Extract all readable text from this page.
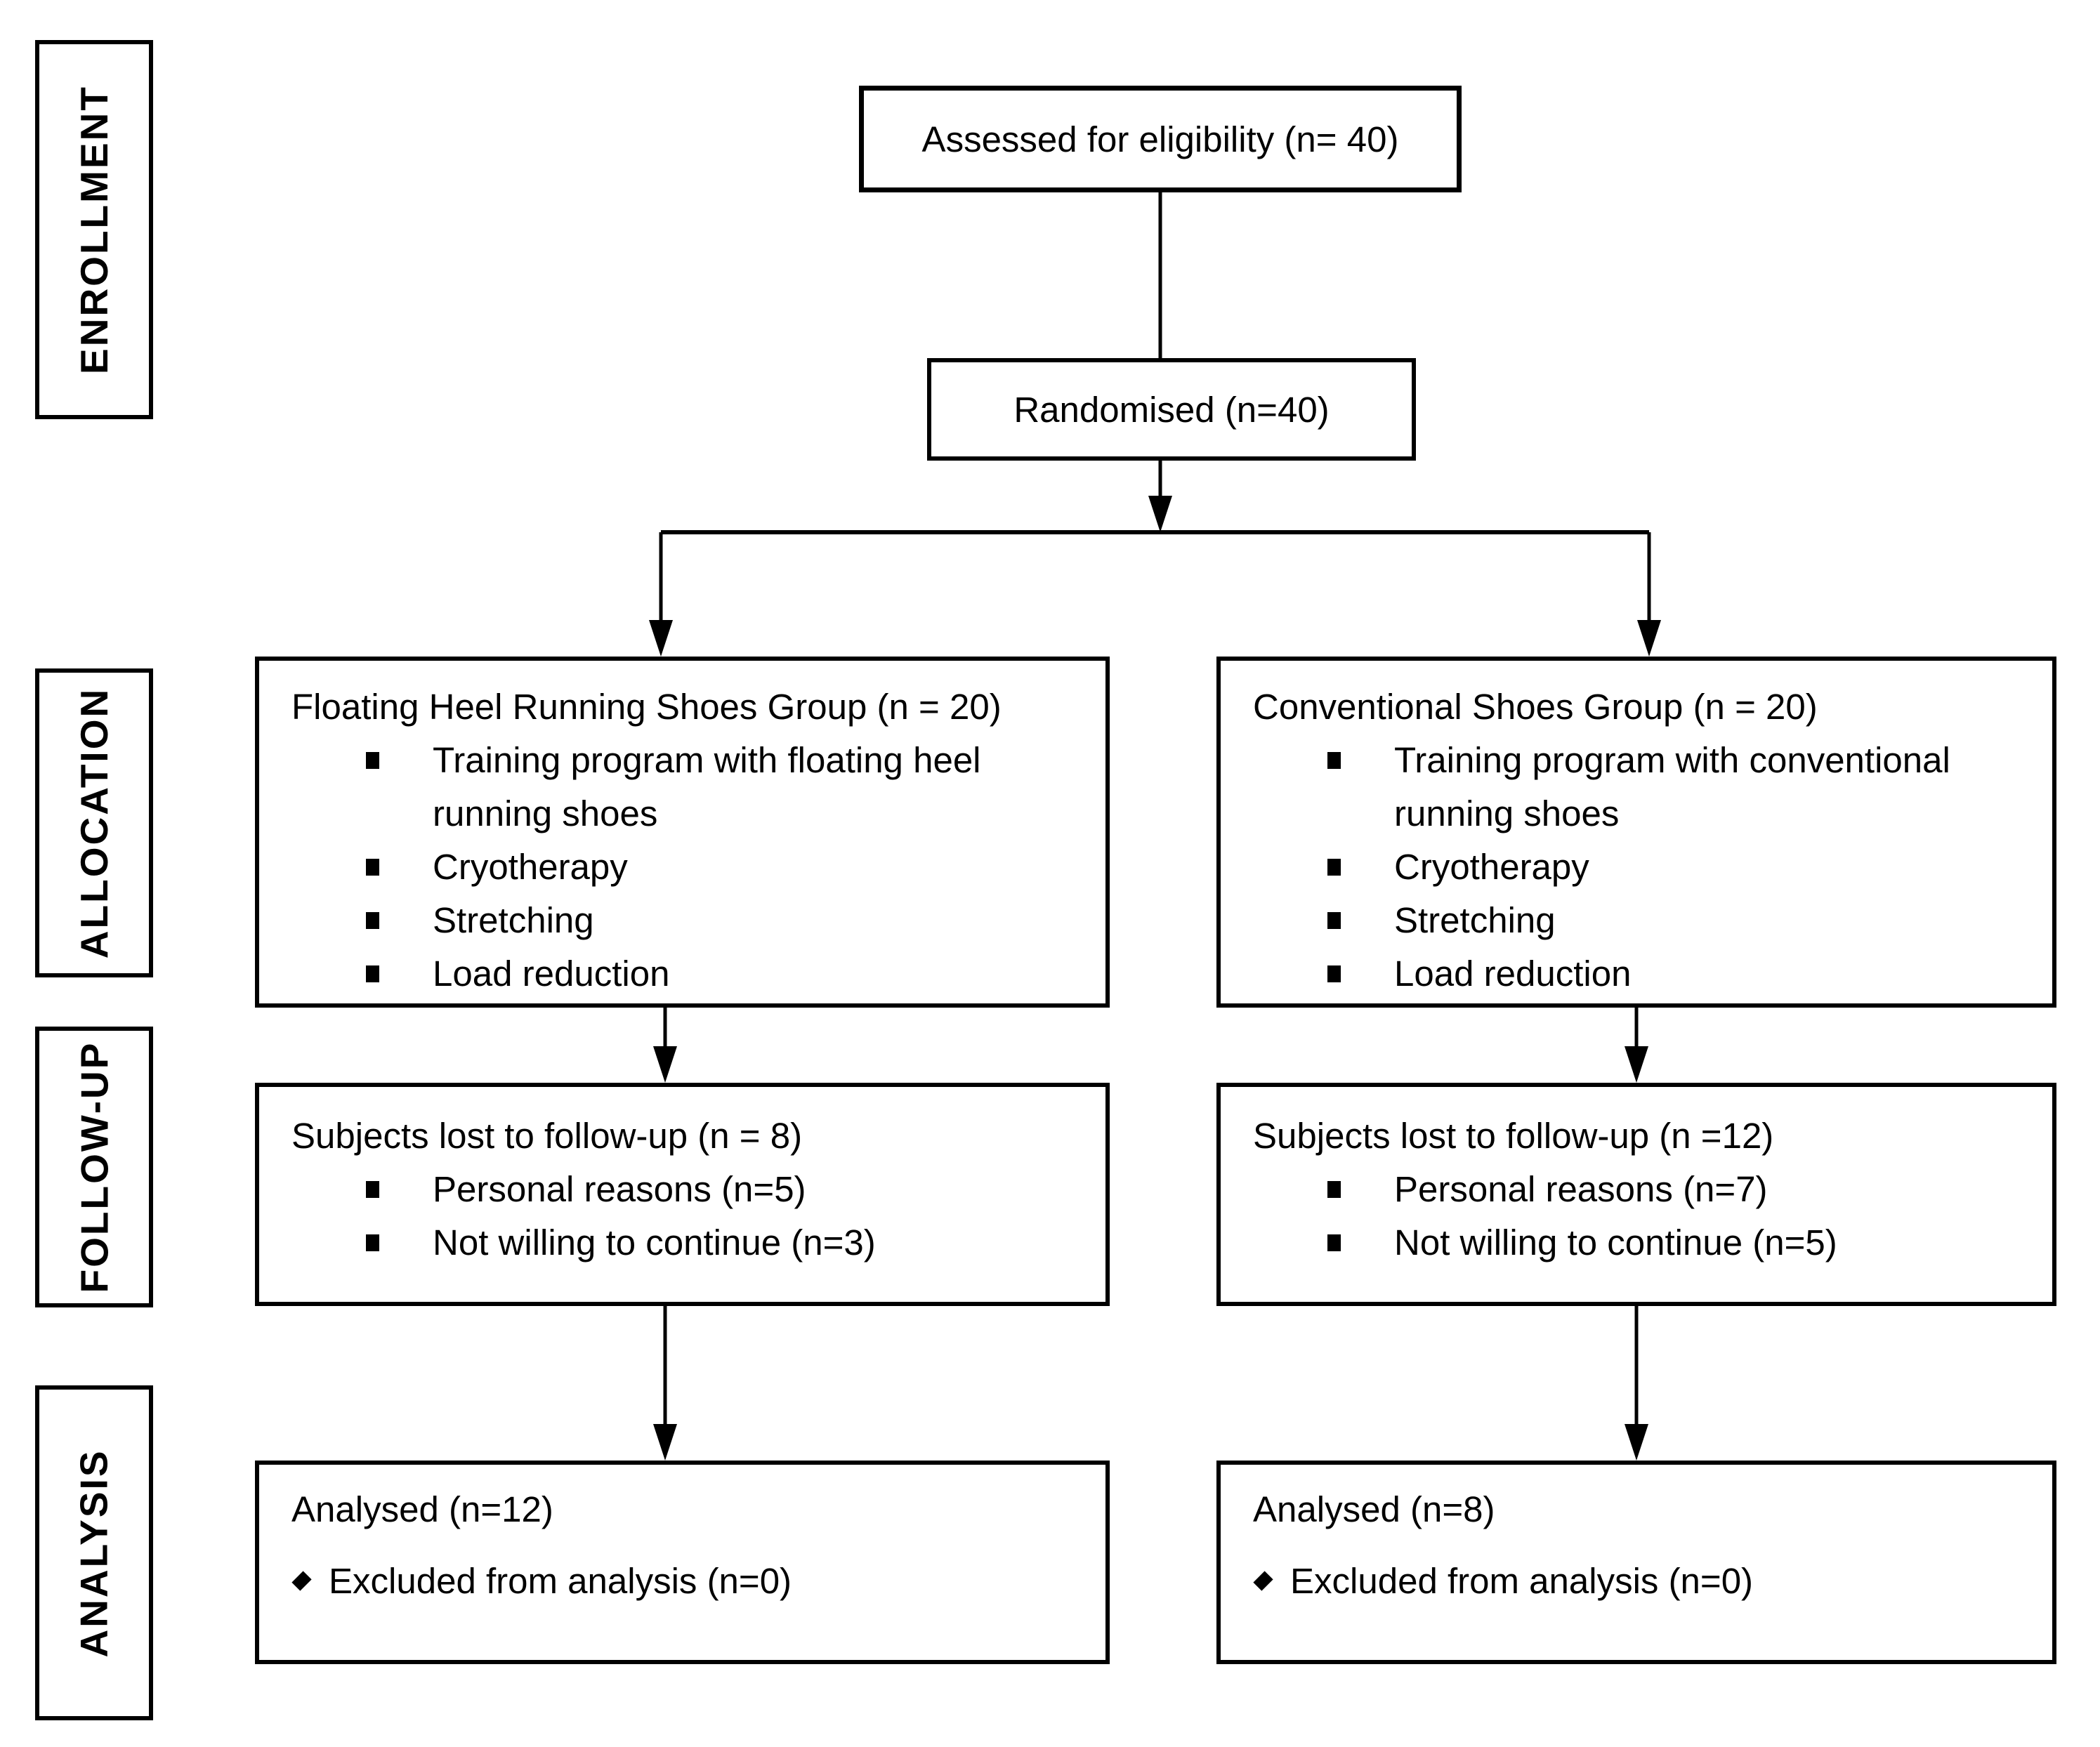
ENROLLMENT
ALLOCATION
FOLLOW-UP
ANALYSIS
Assessed for eligibility (n= 40)
Randomised (n=40)
Floating Heel Running Shoes Group (n = 20)
Training program with floating heel running shoes
Cryotherapy
Stretching
Load reduction
Conventional Shoes Group (n = 20)
Training program with conventional running shoes
Cryotherapy
Stretching
Load reduction
Subjects lost to follow-up (n = 8)
Personal reasons (n=5)
Not willing to continue (n=3)
Subjects lost to follow-up (n =12)
Personal reasons (n=7)
Not willing to continue (n=5)
Analysed (n=12)
Excluded from analysis (n=0)
Analysed (n=8)
Excluded from analysis (n=0)
